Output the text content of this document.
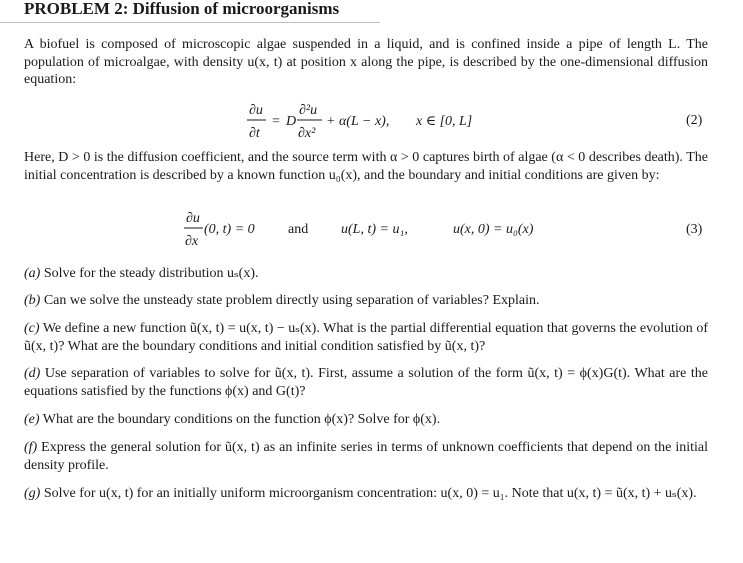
PROBLEM 2: Diffusion of microorganisms
A biofuel is composed of microscopic algae suspended in a liquid, and is confined inside a pipe of length L. The population of microalgae, with density u(x, t) at position x along the pipe, is described by the one-dimensional diffusion equation:
∂u
∂t
= D
∂²u
∂x²
+ α(L − x), x ∈ [0, L]	(2)
Here, D > 0 is the diffusion coefficient, and the source term with α > 0 captures birth of algae (α < 0 describes death). The initial concentration is described by a known function u₀(x), and the boundary and initial conditions are given by:
∂u
∂x
(0, t) = 0 and u(L, t) = u₁,	u(x, 0) = u₀(x)	(3)
(a) Solve for the steady distribution uₛ(x).
(b) Can we solve the unsteady state problem directly using separation of variables? Explain.
(c) We define a new function ũ(x, t) = u(x, t) − uₛ(x). What is the partial differential equation that governs the evolution of ũ(x, t)? What are the boundary conditions and initial condition satisfied by ũ(x, t)?
(d) Use separation of variables to solve for ũ(x, t). First, assume a solution of the form ũ(x, t) = ϕ(x)G(t). What are the equations satisfied by the functions ϕ(x) and G(t)?
(e) What are the boundary conditions on the function ϕ(x)? Solve for ϕ(x).
(f) Express the general solution for ũ(x, t) as an infinite series in terms of unknown coefficients that depend on the initial density profile.
(g) Solve for u(x, t) for an initially uniform microorganism concentration: u(x, 0) = u₁. Note that u(x, t) = ũ(x, t) + uₛ(x).
